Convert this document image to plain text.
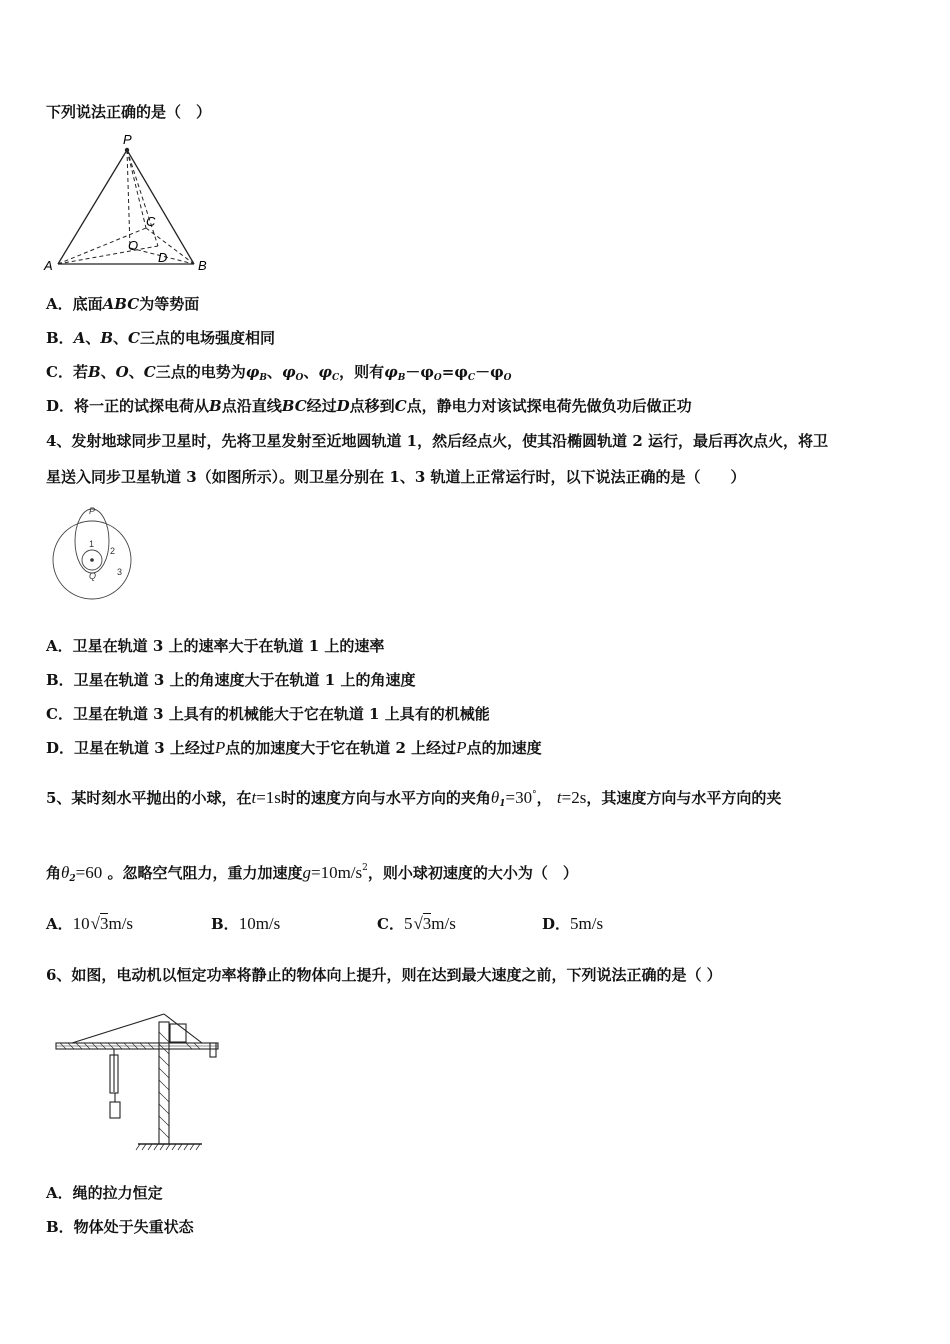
下列说法正确的是（　）
P
C
O
D
A	B
A．底面ABC为等势面
B．A、B、C三点的电场强度相同
C．若B、O、C三点的电势为$\varphi_B$、$\varphi_O$、$\varphi_C$，则有$\varphi_B-\varphi_O=\varphi_C-\varphi_O$
D．将一正的试探电荷从B点沿直线BC经过D点移到C点，静电力对该试探电荷先做负功后做正功
4、发射地球同步卫星时，先将卫星发射至近地圆轨道 1，然后经点火，使其沿椭圆轨道 2 运行，最后再次点火，将卫
星送入同步卫星轨道 3（如图所示）。则卫星分别在 1、3 轨道上正常运行时，以下说法正确的是（　　）
P
1
2
Q 3
A．卫星在轨道 3 上的速率大于在轨道 1 上的速率
B．卫星在轨道 3 上的角速度大于在轨道 1 上的角速度
C．卫星在轨道 3 上具有的机械能大于它在轨道 1 上具有的机械能
D．卫星在轨道 3 上经过P点的加速度大于它在轨道 2 上经过P点的加速度
5、某时刻水平抛出的小球，在t=1s时的速度方向与水平方向的夹角$\theta_1=30^\circ$， t=2s，其速度方向与水平方向的夹
角$\theta_2=60$ 。忽略空气阻力，重力加速度$g=10m/s^2$，则小球初速度的大小为（　）
A．10√3m/s	B．10m/s	C．5√3m/s	D．5m/s
6、如图，电动机以恒定功率将静止的物体向上提升，则在达到最大速度之前，下列说法正确的是（ ）
A．绳的拉力恒定
B．物体处于失重状态
